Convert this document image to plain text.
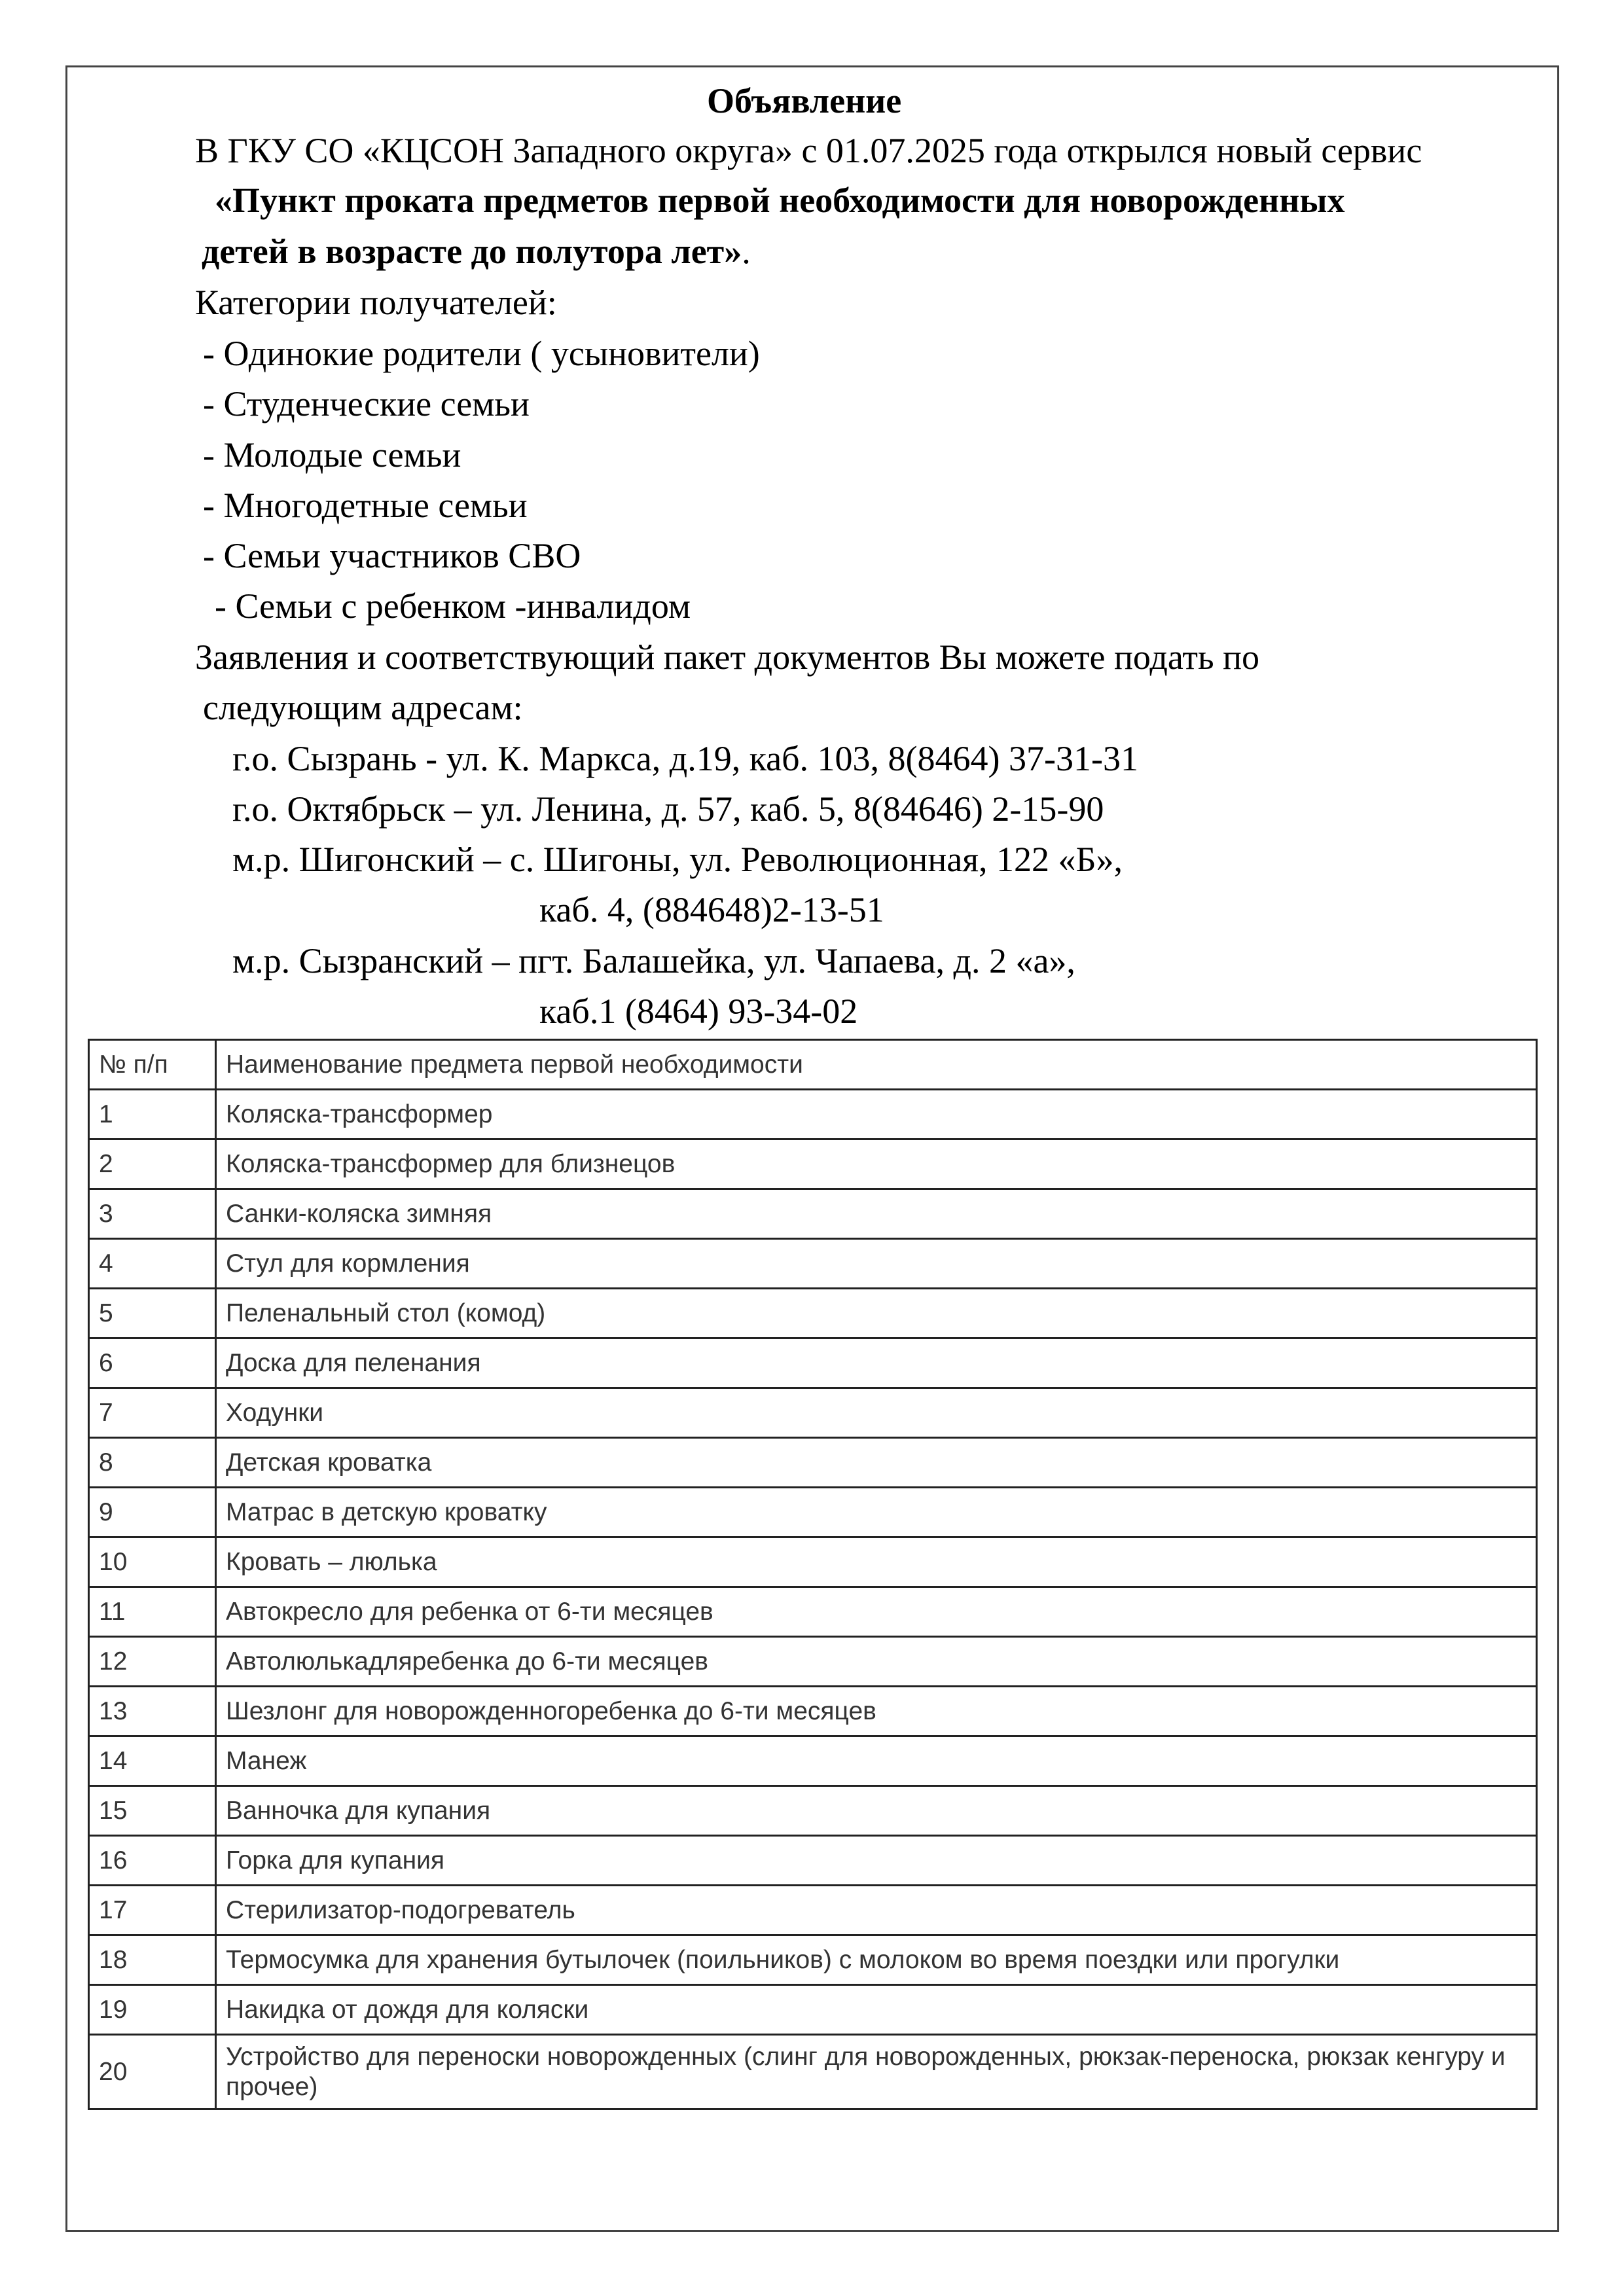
Объявление
В ГКУ СО «КЦСОН Западного округа» с 01.07.2025 года открылся новый сервис
«Пункт проката предметов первой необходимости для новорожденных
детей в возрасте до полутора лет».
Категории получателей:
- Одинокие родители ( усыновители)
- Студенческие семьи
- Молодые семьи
- Многодетные семьи
- Семьи участников СВО
- Семьи с ребенком -инвалидом
Заявления и соответствующий пакет документов Вы можете подать по
следующим адресам:
г.о. Сызрань - ул. К. Маркса, д.19, каб. 103, 8(8464) 37-31-31
г.о. Октябрьск – ул. Ленина, д. 57, каб. 5, 8(84646) 2-15-90
м.р. Шигонский – с. Шигоны, ул. Революционная, 122 «Б»,
каб. 4, (884648)2-13-51
м.р. Сызранский – пгт. Балашейка, ул. Чапаева, д. 2 «а»,
каб.1 (8464) 93-34-02
№ п/п	Наименование предмета первой необходимости
1	Коляска-трансформер
2	Коляска-трансформер для близнецов
3	Санки-коляска зимняя
4	Стул для кормления
5	Пеленальный стол (комод)
6	Доска для пеленания
7	Ходунки
8	Детская кроватка
9	Матрас в детскую кроватку
10	Кровать – люлька
11	Автокресло для ребенка от 6-ти месяцев
12	Автолюлькадляребенка до 6-ти месяцев
13	Шезлонг для новорожденногоребенка до 6-ти месяцев
14	Манеж
15	Ванночка для купания
16	Горка для купания
17	Стерилизатор-подогреватель
18	Термосумка для хранения бутылочек (поильников) с молоком во время поездки или прогулки
19	Накидка от дождя для коляски
20	Устройство для переноски новорожденных (слинг для новорожденных, рюкзак-переноска, рюкзак кенгуру и прочее)
